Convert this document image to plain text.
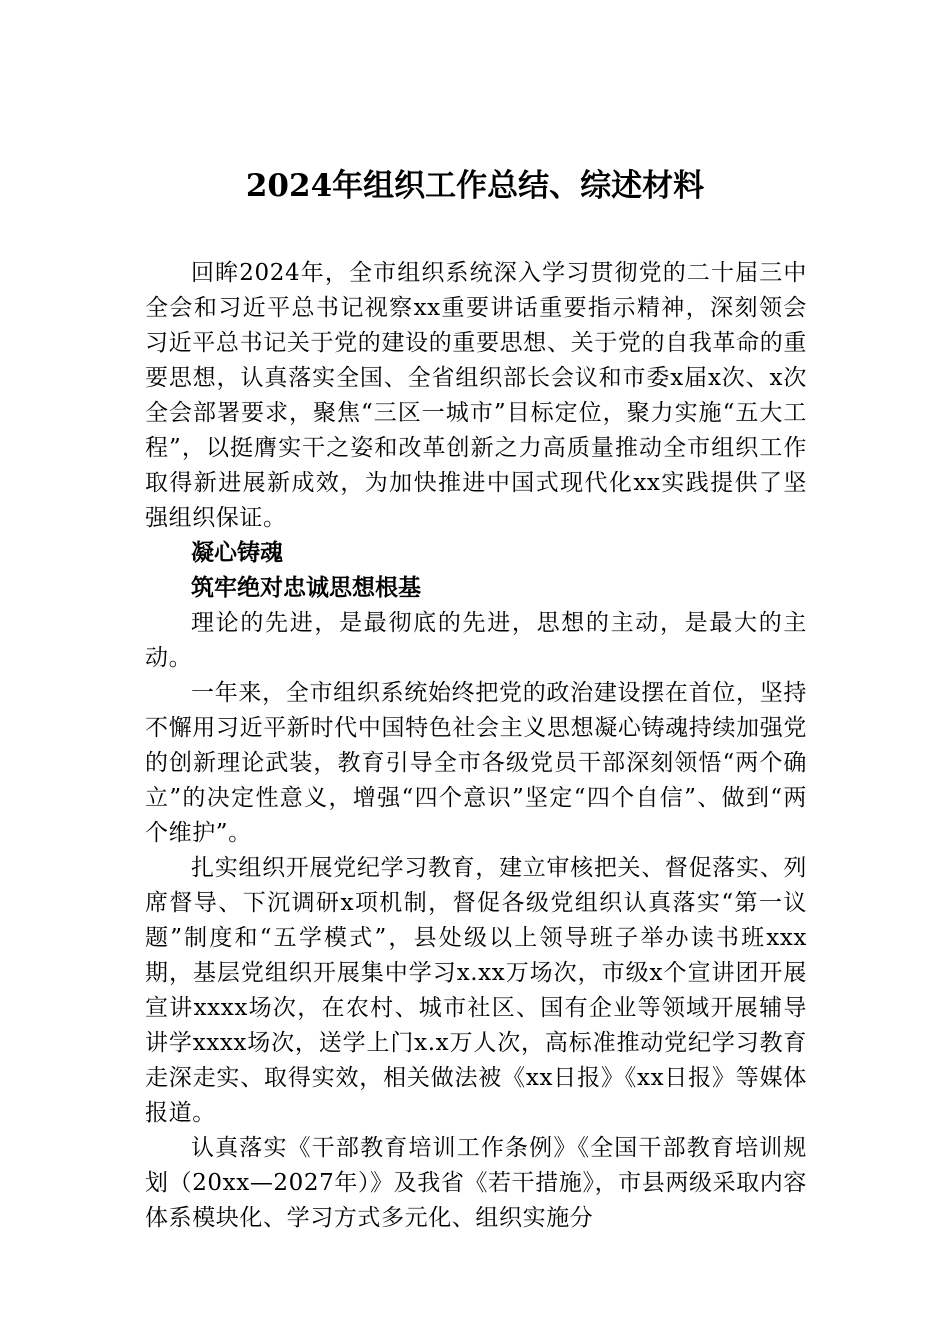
2024年组织工作总结、综述材料

回眸2024年，全市组织系统深入学习贯彻党的二十届三中全会和习近平总书记视察xx重要讲话重要指示精神，深刻领会习近平总书记关于党的建设的重要思想、关于党的自我革命的重要思想，认真落实全国、全省组织部长会议和市委x届x次、x次全会部署要求，聚焦“三区一城市”目标定位，聚力实施“五大工程”，以挺膺实干之姿和改革创新之力高质量推动全市组织工作取得新进展新成效，为加快推进中国式现代化xx实践提供了坚强组织保证。

凝心铸魂

筑牢绝对忠诚思想根基

理论的先进，是最彻底的先进，思想的主动，是最大的主动。

一年来，全市组织系统始终把党的政治建设摆在首位，坚持不懈用习近平新时代中国特色社会主义思想凝心铸魂持续加强党的创新理论武装，教育引导全市各级党员干部深刻领悟“两个确立”的决定性意义，增强“四个意识”坚定“四个自信”、做到“两个维护”。

扎实组织开展党纪学习教育，建立审核把关、督促落实、列席督导、下沉调研x项机制，督促各级党组织认真落实“第一议题”制度和“五学模式”，县处级以上领导班子举办读书班xxx期，基层党组织开展集中学习x.xx万场次，市级x个宣讲团开展宣讲xxxx场次，在农村、城市社区、国有企业等领域开展辅导讲学xxxx场次，送学上门x.x万人次，高标准推动党纪学习教育走深走实、取得实效，相关做法被《xx日报》《xx日报》等媒体报道。

认真落实《干部教育培训工作条例》《全国干部教育培训规划（20xx—2027年）》及我省《若干措施》，市县两级采取内容体系模块化、学习方式多元化、组织实施分
